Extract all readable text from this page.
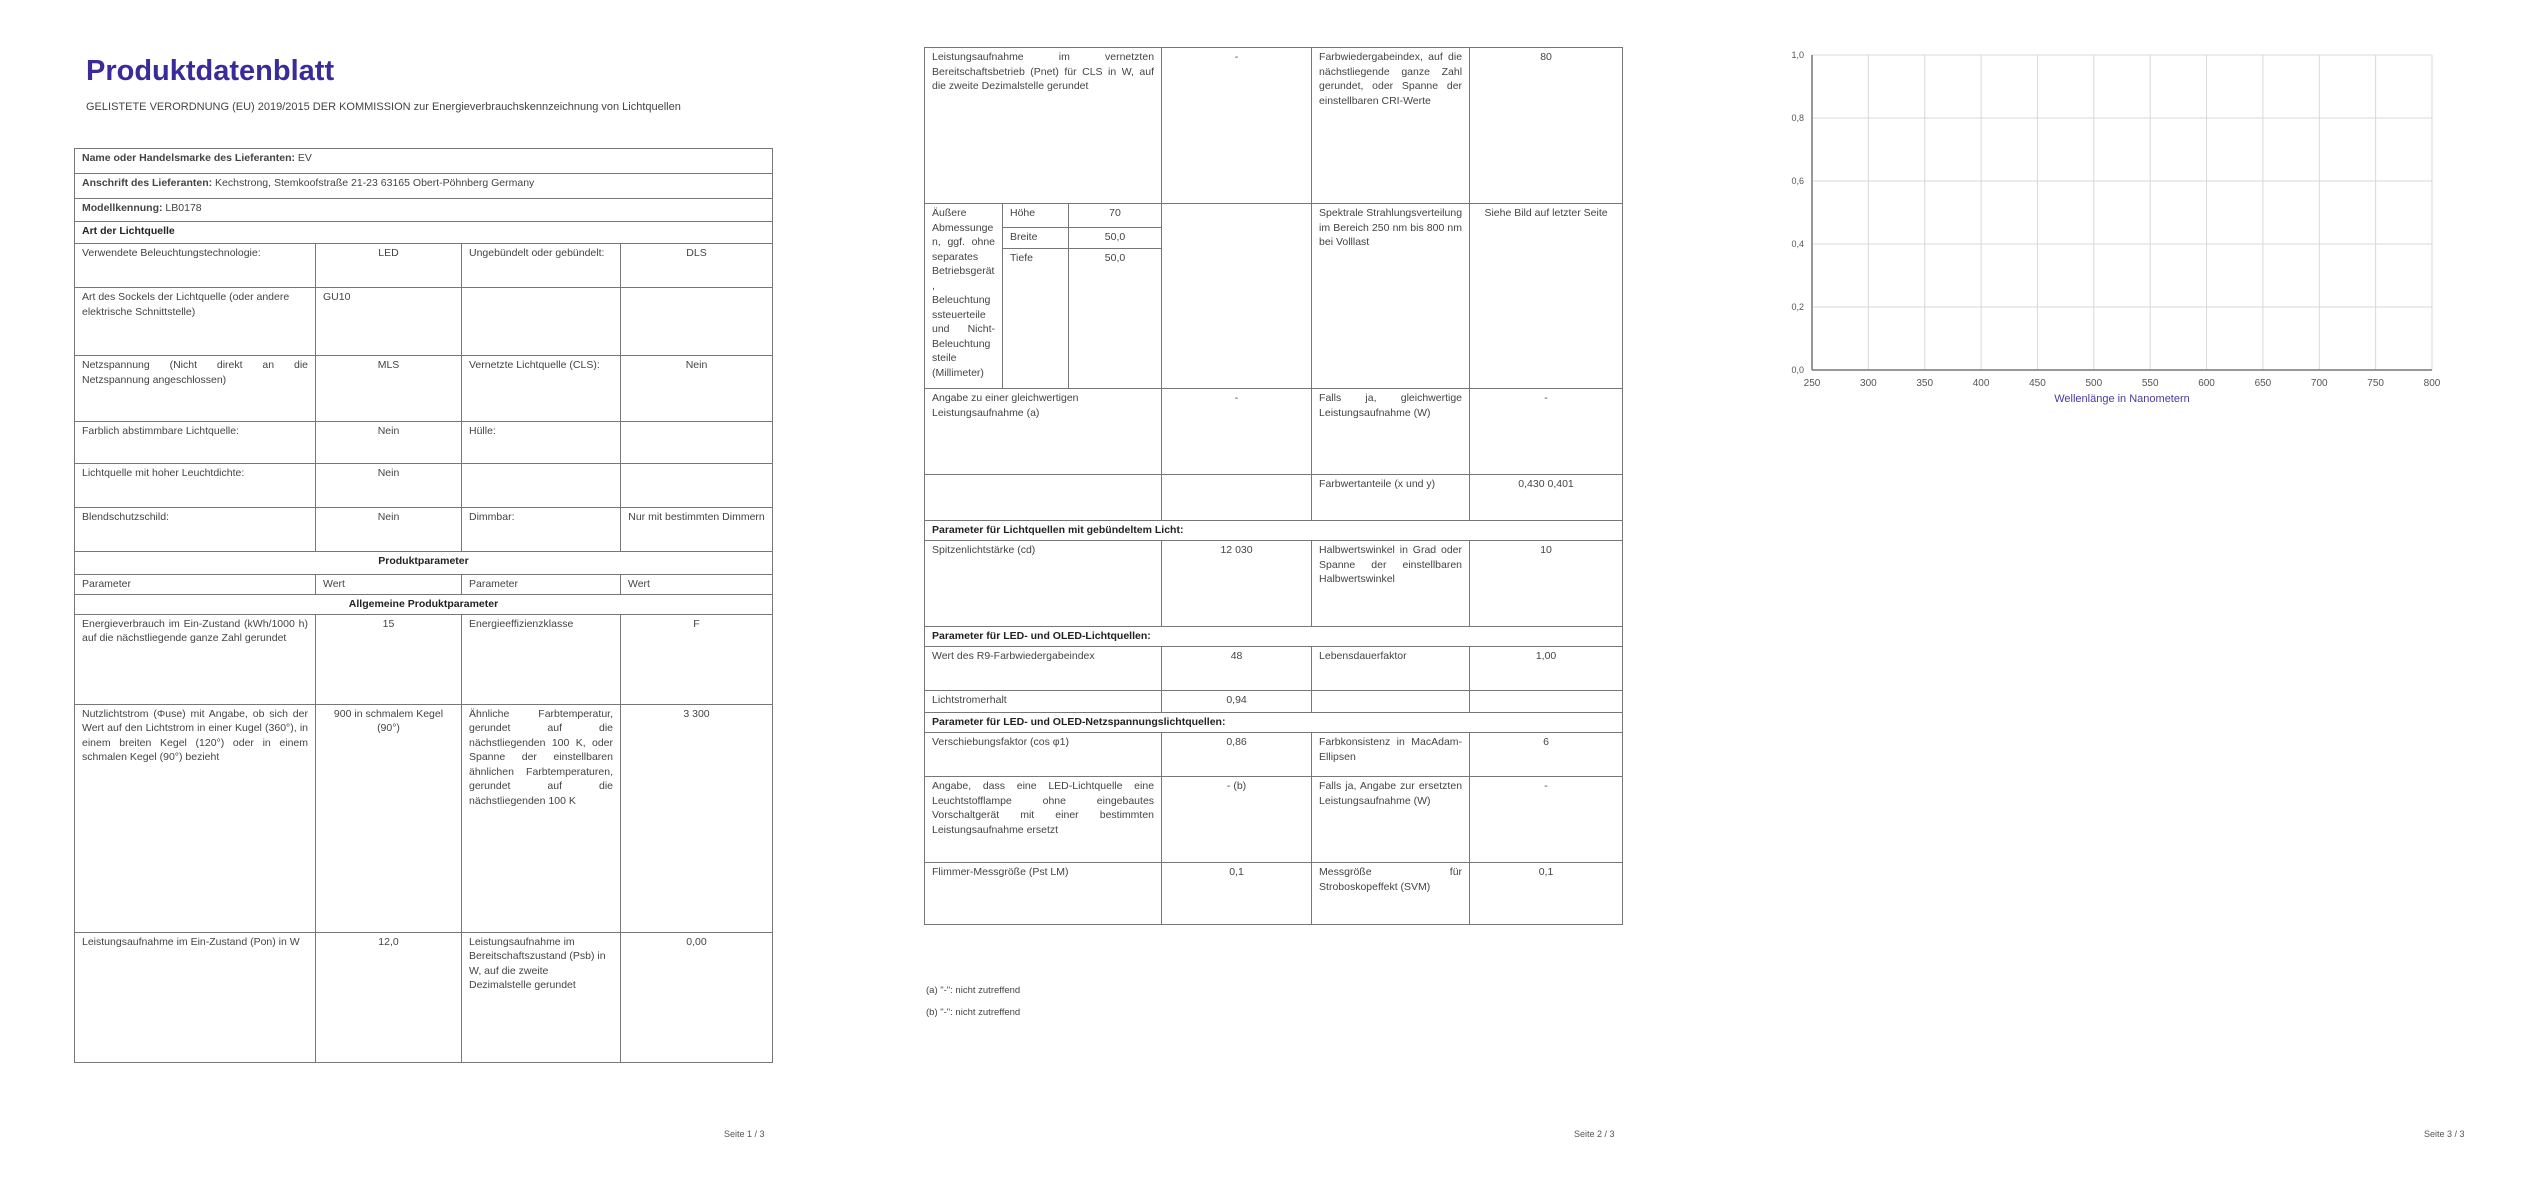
Produktdatenblatt
GELISTETE VERORDNUNG (EU) 2019/2015 DER KOMMISSION zur Energieverbrauchskennzeichnung von Lichtquellen
Name oder Handelsmarke des Lieferanten: EV			
Anschrift des Lieferanten: Kechstrong, Stemkoofstraße 21-23 63165 Obert-Pöhnberg Germany			
Modellkennung: LB0178			
Art der Lichtquelle			
Verwendete Beleuchtungstechnologie:	LED	Ungebündelt oder gebündelt:	DLS
Art des Sockels der Lichtquelle (oder andere elektrische Schnittstelle)	GU10		
Netzspannung (Nicht direkt an die Netzspannung angeschlossen)	MLS	Vernetzte Lichtquelle (CLS):	Nein
Farblich abstimmbare Lichtquelle:	Nein	Hülle:	
Lichtquelle mit hoher Leuchtdichte:	Nein		
Blendschutzschild:	Nein	Dimmbar:	Nur mit bestimmten Dimmern
Produktparameter			
Parameter	Wert	Parameter	Wert
Allgemeine Produktparameter			
Energieverbrauch im Ein-Zustand (kWh/1000 h) auf die nächstliegende ganze Zahl gerundet	15	Energieeffizienzklasse	F
Nutzlichtstrom (Φuse) mit Angabe, ob sich der Wert auf den Lichtstrom in einer Kugel (360°), in einem breiten Kegel (120°) oder in einem schmalen Kegel (90°) bezieht	900 in schmalem Kegel (90°)	Ähnliche Farbtemperatur, gerundet auf die nächstliegenden 100 K, oder Spanne der einstellbaren ähnlichen Farbtemperaturen, gerundet auf die nächstliegenden 100 K	3 300
Leistungsaufnahme im Ein-Zustand (Pon) in W	12,0	Leistungsaufnahme im Bereitschaftszustand (Psb) in W, auf die zweite Dezimalstelle gerundet	0,00
Seite 1 / 3
Leistungsaufnahme im vernetzten Bereitschaftsbetrieb (Pnet) für CLS in W, auf die zweite Dezimalstelle gerundet			-	Farbwiedergabeindex, auf die nächstliegende ganze Zahl gerundet, oder Spanne der einstellbaren CRI-Werte	80
Äußere Abmessungen, ggf. ohne separates Betriebsgerät, Beleuchtungssteuerteile und Nicht-Beleuchtungsteile (Millimeter)	Höhe	70		Spektrale Strahlungsverteilung im Bereich 250 nm bis 800 nm bei Volllast	Siehe Bild auf letzter Seite
	Breite	50,0			
	Tiefe	50,0			
Angabe zu einer gleichwertigen Leistungsaufnahme (a)			-	Falls ja, gleichwertige Leistungsaufnahme (W)	-
				Farbwertanteile (x und y)	0,430 0,401
Parameter für Lichtquellen mit gebündeltem Licht:					
Spitzenlichtstärke (cd)			12 030	Halbwertswinkel in Grad oder Spanne der einstellbaren Halbwertswinkel	10
Parameter für LED- und OLED-Lichtquellen:					
Wert des R9-Farbwiedergabeindex			48	Lebensdauerfaktor	1,00
Lichtstromerhalt			0,94		
Parameter für LED- und OLED-Netzspannungslichtquellen:					
Verschiebungsfaktor (cos φ1)			0,86	Farbkonsistenz in MacAdam-Ellipsen	6
Angabe, dass eine LED-Lichtquelle eine Leuchtstofflampe ohne eingebautes Vorschaltgerät mit einer bestimmten Leistungsaufnahme ersetzt			- (b)	Falls ja, Angabe zur ersetzten Leistungsaufnahme (W)	-
Flimmer-Messgröße (Pst LM)			0,1	Messgröße für Stroboskopeffekt (SVM)	0,1
(a) "-": nicht zutreffend
(b) "-": nicht zutreffend
Seite 2 / 3
250	300	350	400	450	500	550	600	650	700	750	800
0,0
0,2
0,4
0,6
0,8
1,0
Wellenlänge in Nanometern
Seite 3 / 3
